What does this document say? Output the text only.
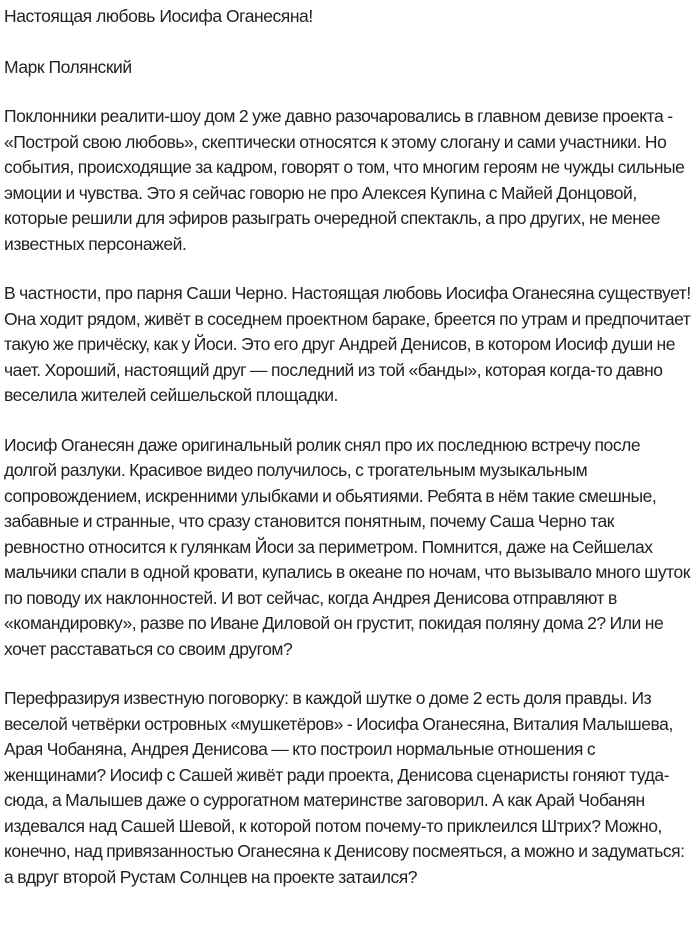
Настоящая любовь Иосифа Оганесяна!

Марк Полянский

Поклонники реалити-шоу дом 2 уже давно разочаровались в главном девизе проекта - «Построй свою любовь», скептически относятся к этому слогану и сами участники. Но события, происходящие за кадром, говорят о том, что многим героям не чужды сильные эмоции и чувства. Это я сейчас говорю не про Алексея Купина с Майей Донцовой, которые решили для эфиров разыграть очередной спектакль, а про других, не менее известных персонажей.

В частности, про парня Саши Черно. Настоящая любовь Иосифа Оганесяна существует! Она ходит рядом, живёт в соседнем проектном бараке, бреется по утрам и предпочитает такую же причёску, как у Йоси. Это его друг Андрей Денисов, в котором Иосиф души не чает. Хороший, настоящий друг — последний из той «банды», которая когда-то давно веселила жителей сейшельской площадки.

Иосиф Оганесян даже оригинальный ролик снял про их последнюю встречу после долгой разлуки. Красивое видео получилось, с трогательным музыкальным сопровождением, искренними улыбками и обьятиями. Ребята в нём такие смешные, забавные и странные, что сразу становится понятным, почему Саша Черно так ревностно относится к гулянкам Йоси за периметром. Помнится, даже на Сейшелах мальчики спали в одной кровати, купались в океане по ночам, что вызывало много шуток по поводу их наклонностей. И вот сейчас, когда Андрея Денисова отправляют в «командировку», разве по Иване Диловой он грустит, покидая поляну дома 2? Или не хочет расставаться со своим другом?

Перефразируя известную поговорку: в каждой шутке о доме 2 есть доля правды. Из веселой четвёрки островных «мушкетёров» - Иосифа Оганесяна, Виталия Малышева, Арая Чобаняна, Андрея Денисова — кто построил нормальные отношения с женщинами? Иосиф с Сашей живёт ради проекта, Денисова сценаристы гоняют туда-сюда, а Малышев даже о суррогатном материнстве заговорил. А как Арай Чобанян издевался над Сашей Шевой, к которой потом почему-то приклеился Штрих? Можно, конечно, над привязанностью Оганесяна к Денисову посмеяться, а можно и задуматься: а вдруг второй Рустам Солнцев на проекте затаился?
